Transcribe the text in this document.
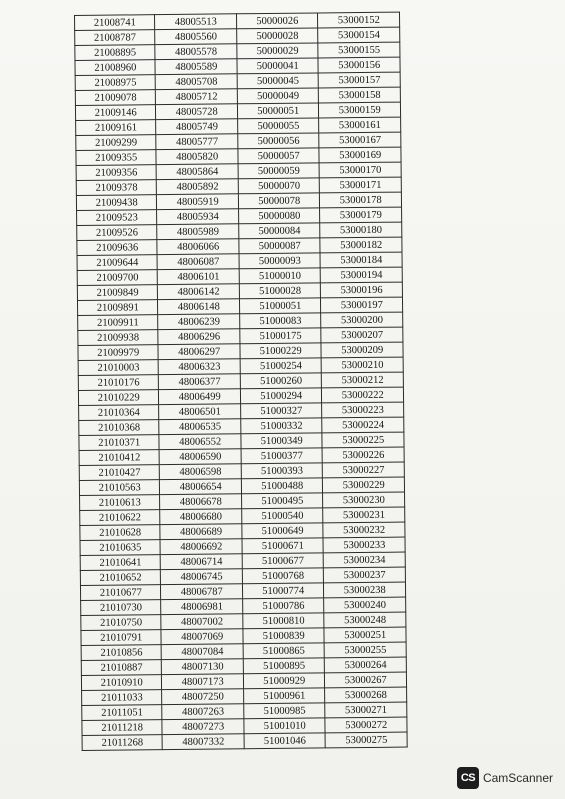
21008741	48005513	50000026	53000152
21008787	48005560	50000028	53000154
21008895	48005578	50000029	53000155
21008960	48005589	50000041	53000156
21008975	48005708	50000045	53000157
21009078	48005712	50000049	53000158
21009146	48005728	50000051	53000159
21009161	48005749	50000055	53000161
21009299	48005777	50000056	53000167
21009355	48005820	50000057	53000169
21009356	48005864	50000059	53000170
21009378	48005892	50000070	53000171
21009438	48005919	50000078	53000178
21009523	48005934	50000080	53000179
21009526	48005989	50000084	53000180
21009636	48006066	50000087	53000182
21009644	48006087	50000093	53000184
21009700	48006101	51000010	53000194
21009849	48006142	51000028	53000196
21009891	48006148	51000051	53000197
21009911	48006239	51000083	53000200
21009938	48006296	51000175	53000207
21009979	48006297	51000229	53000209
21010003	48006323	51000254	53000210
21010176	48006377	51000260	53000212
21010229	48006499	51000294	53000222
21010364	48006501	51000327	53000223
21010368	48006535	51000332	53000224
21010371	48006552	51000349	53000225
21010412	48006590	51000377	53000226
21010427	48006598	51000393	53000227
21010563	48006654	51000488	53000229
21010613	48006678	51000495	53000230
21010622	48006680	51000540	53000231
21010628	48006689	51000649	53000232
21010635	48006692	51000671	53000233
21010641	48006714	51000677	53000234
21010652	48006745	51000768	53000237
21010677	48006787	51000774	53000238
21010730	48006981	51000786	53000240
21010750	48007002	51000810	53000248
21010791	48007069	51000839	53000251
21010856	48007084	51000865	53000255
21010887	48007130	51000895	53000264
21010910	48007173	51000929	53000267
21011033	48007250	51000961	53000268
21011051	48007263	51000985	53000271
21011218	48007273	51001010	53000272
21011268	48007332	51001046	53000275
CS CamScanner
